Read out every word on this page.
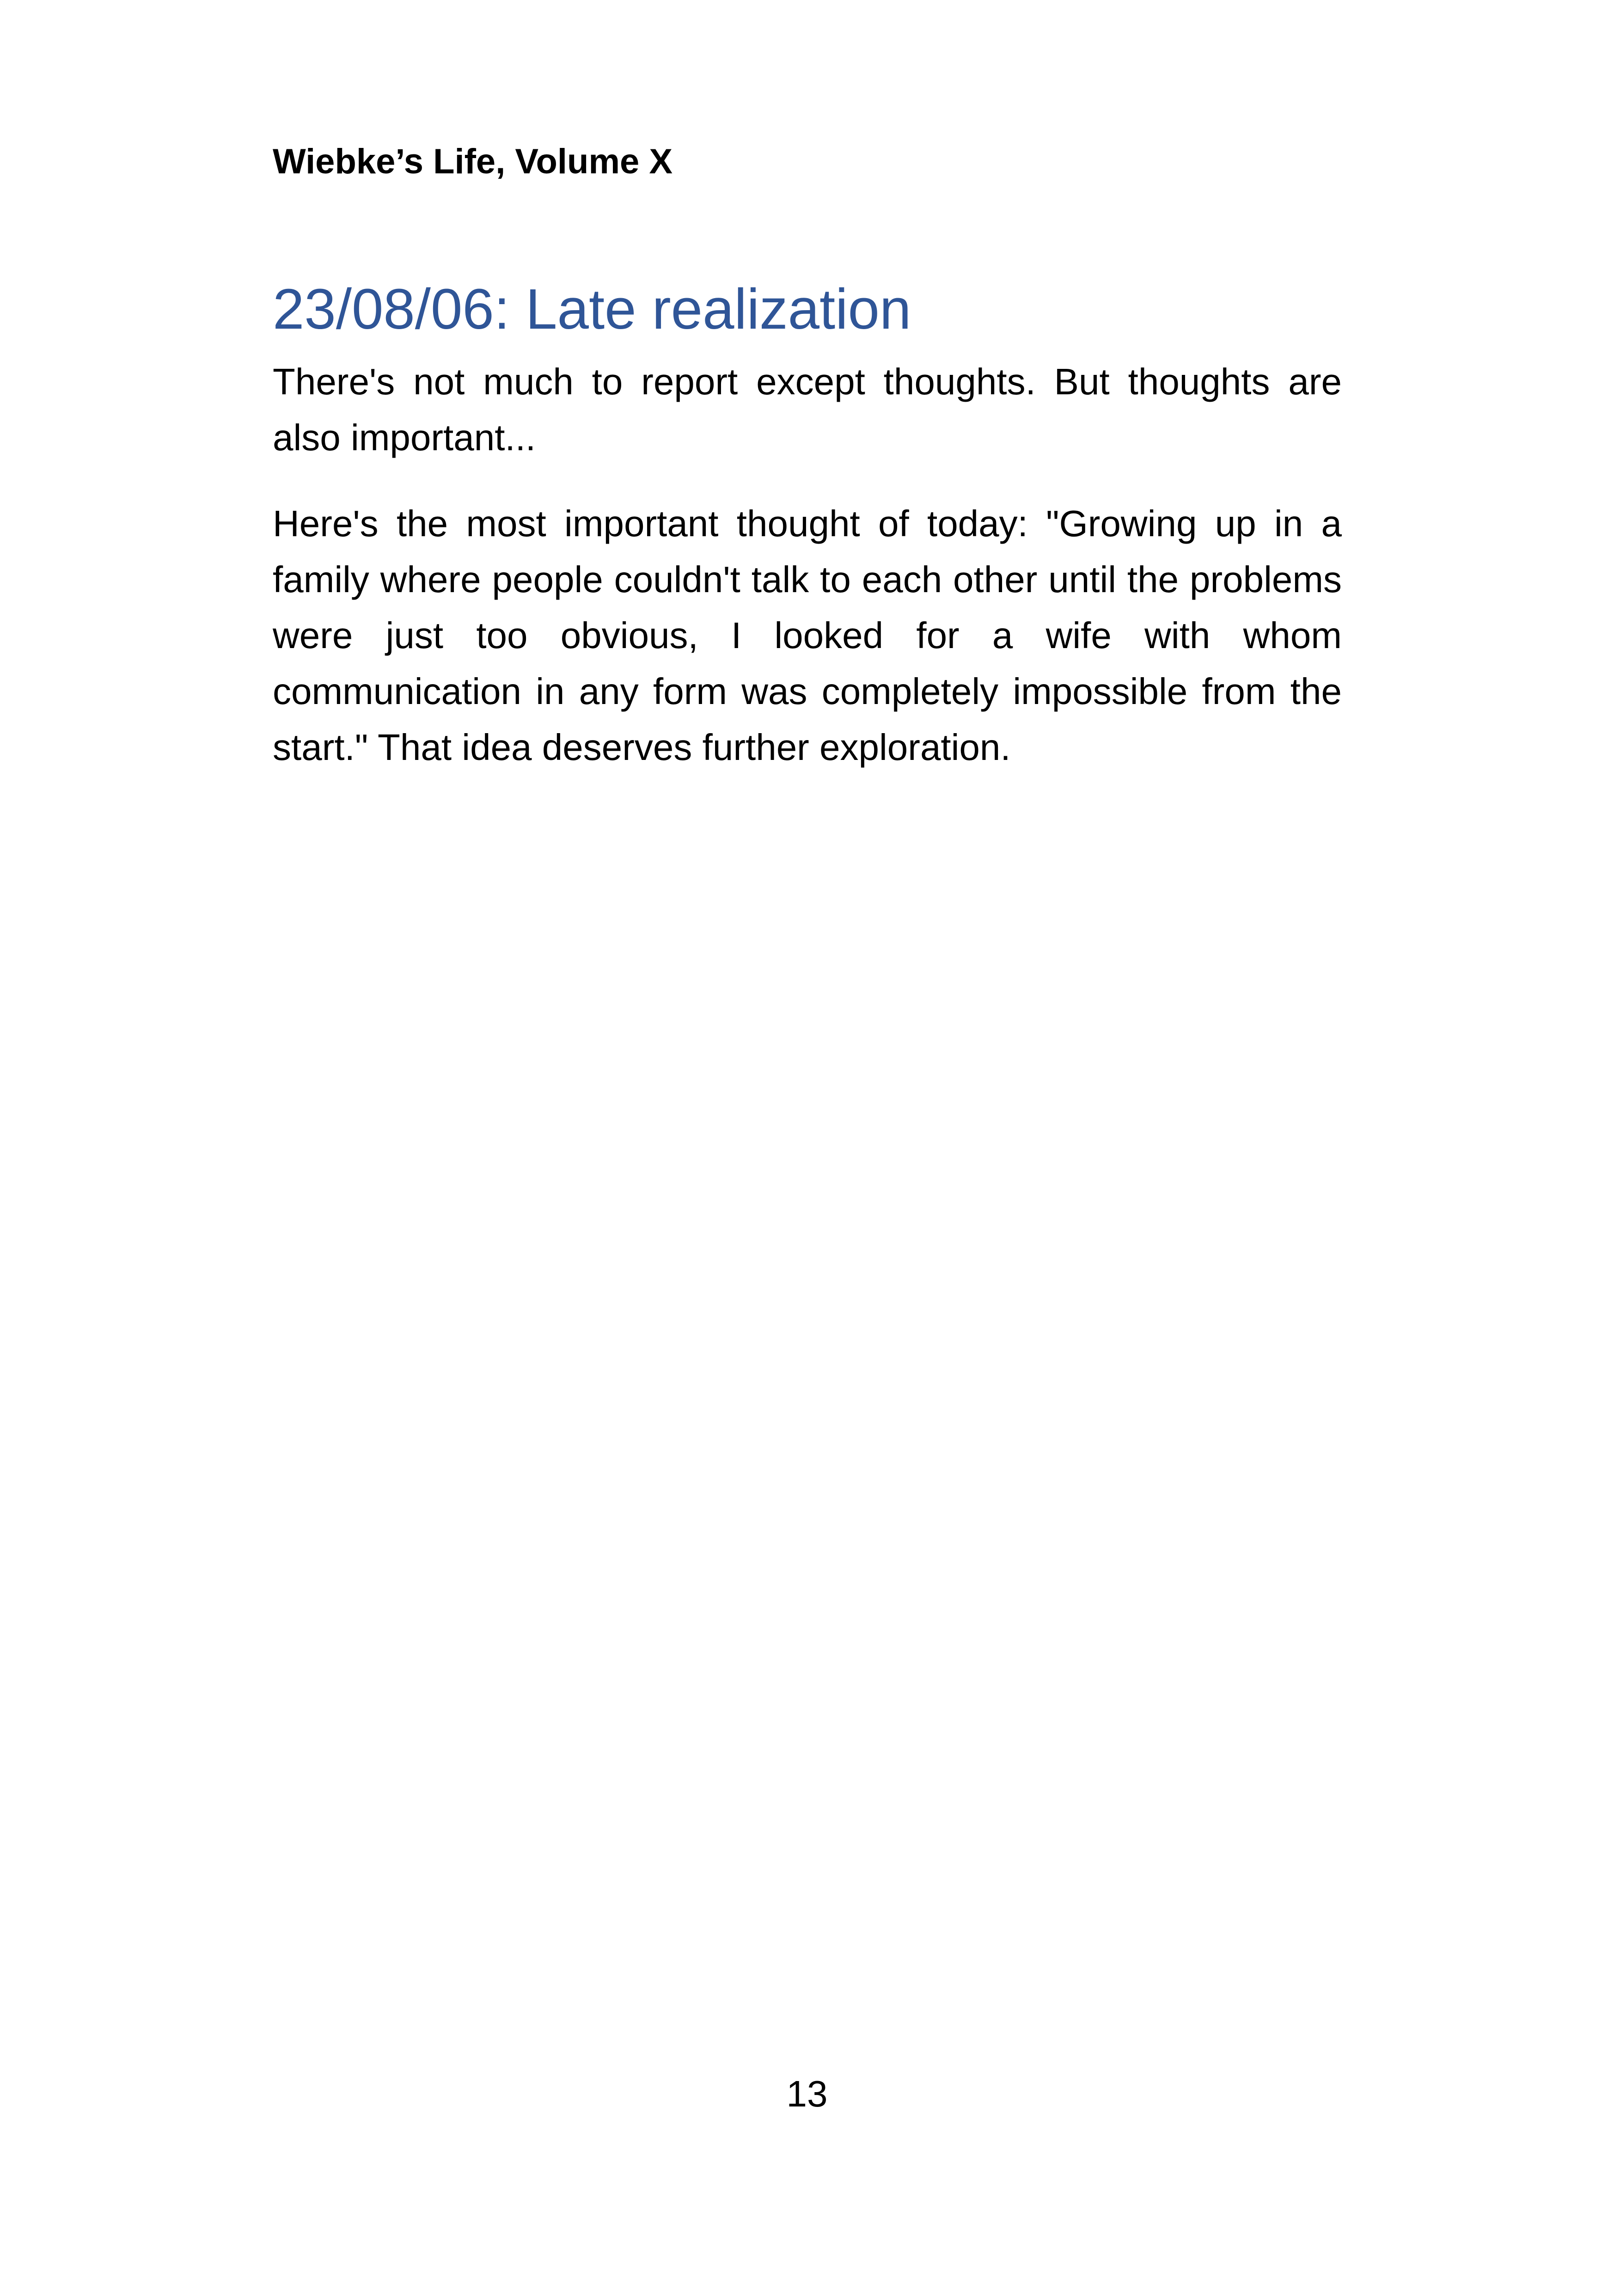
Wiebke’s Life, Volume X
23/08/06: Late realization

There's not much to report except thoughts. But thoughts are also important...

Here's the most important thought of today: "Growing up in a family where people couldn't talk to each other until the problems were just too obvious, I looked for a wife with whom communication in any form was completely impossible from the start." That idea deserves further exploration.

13
